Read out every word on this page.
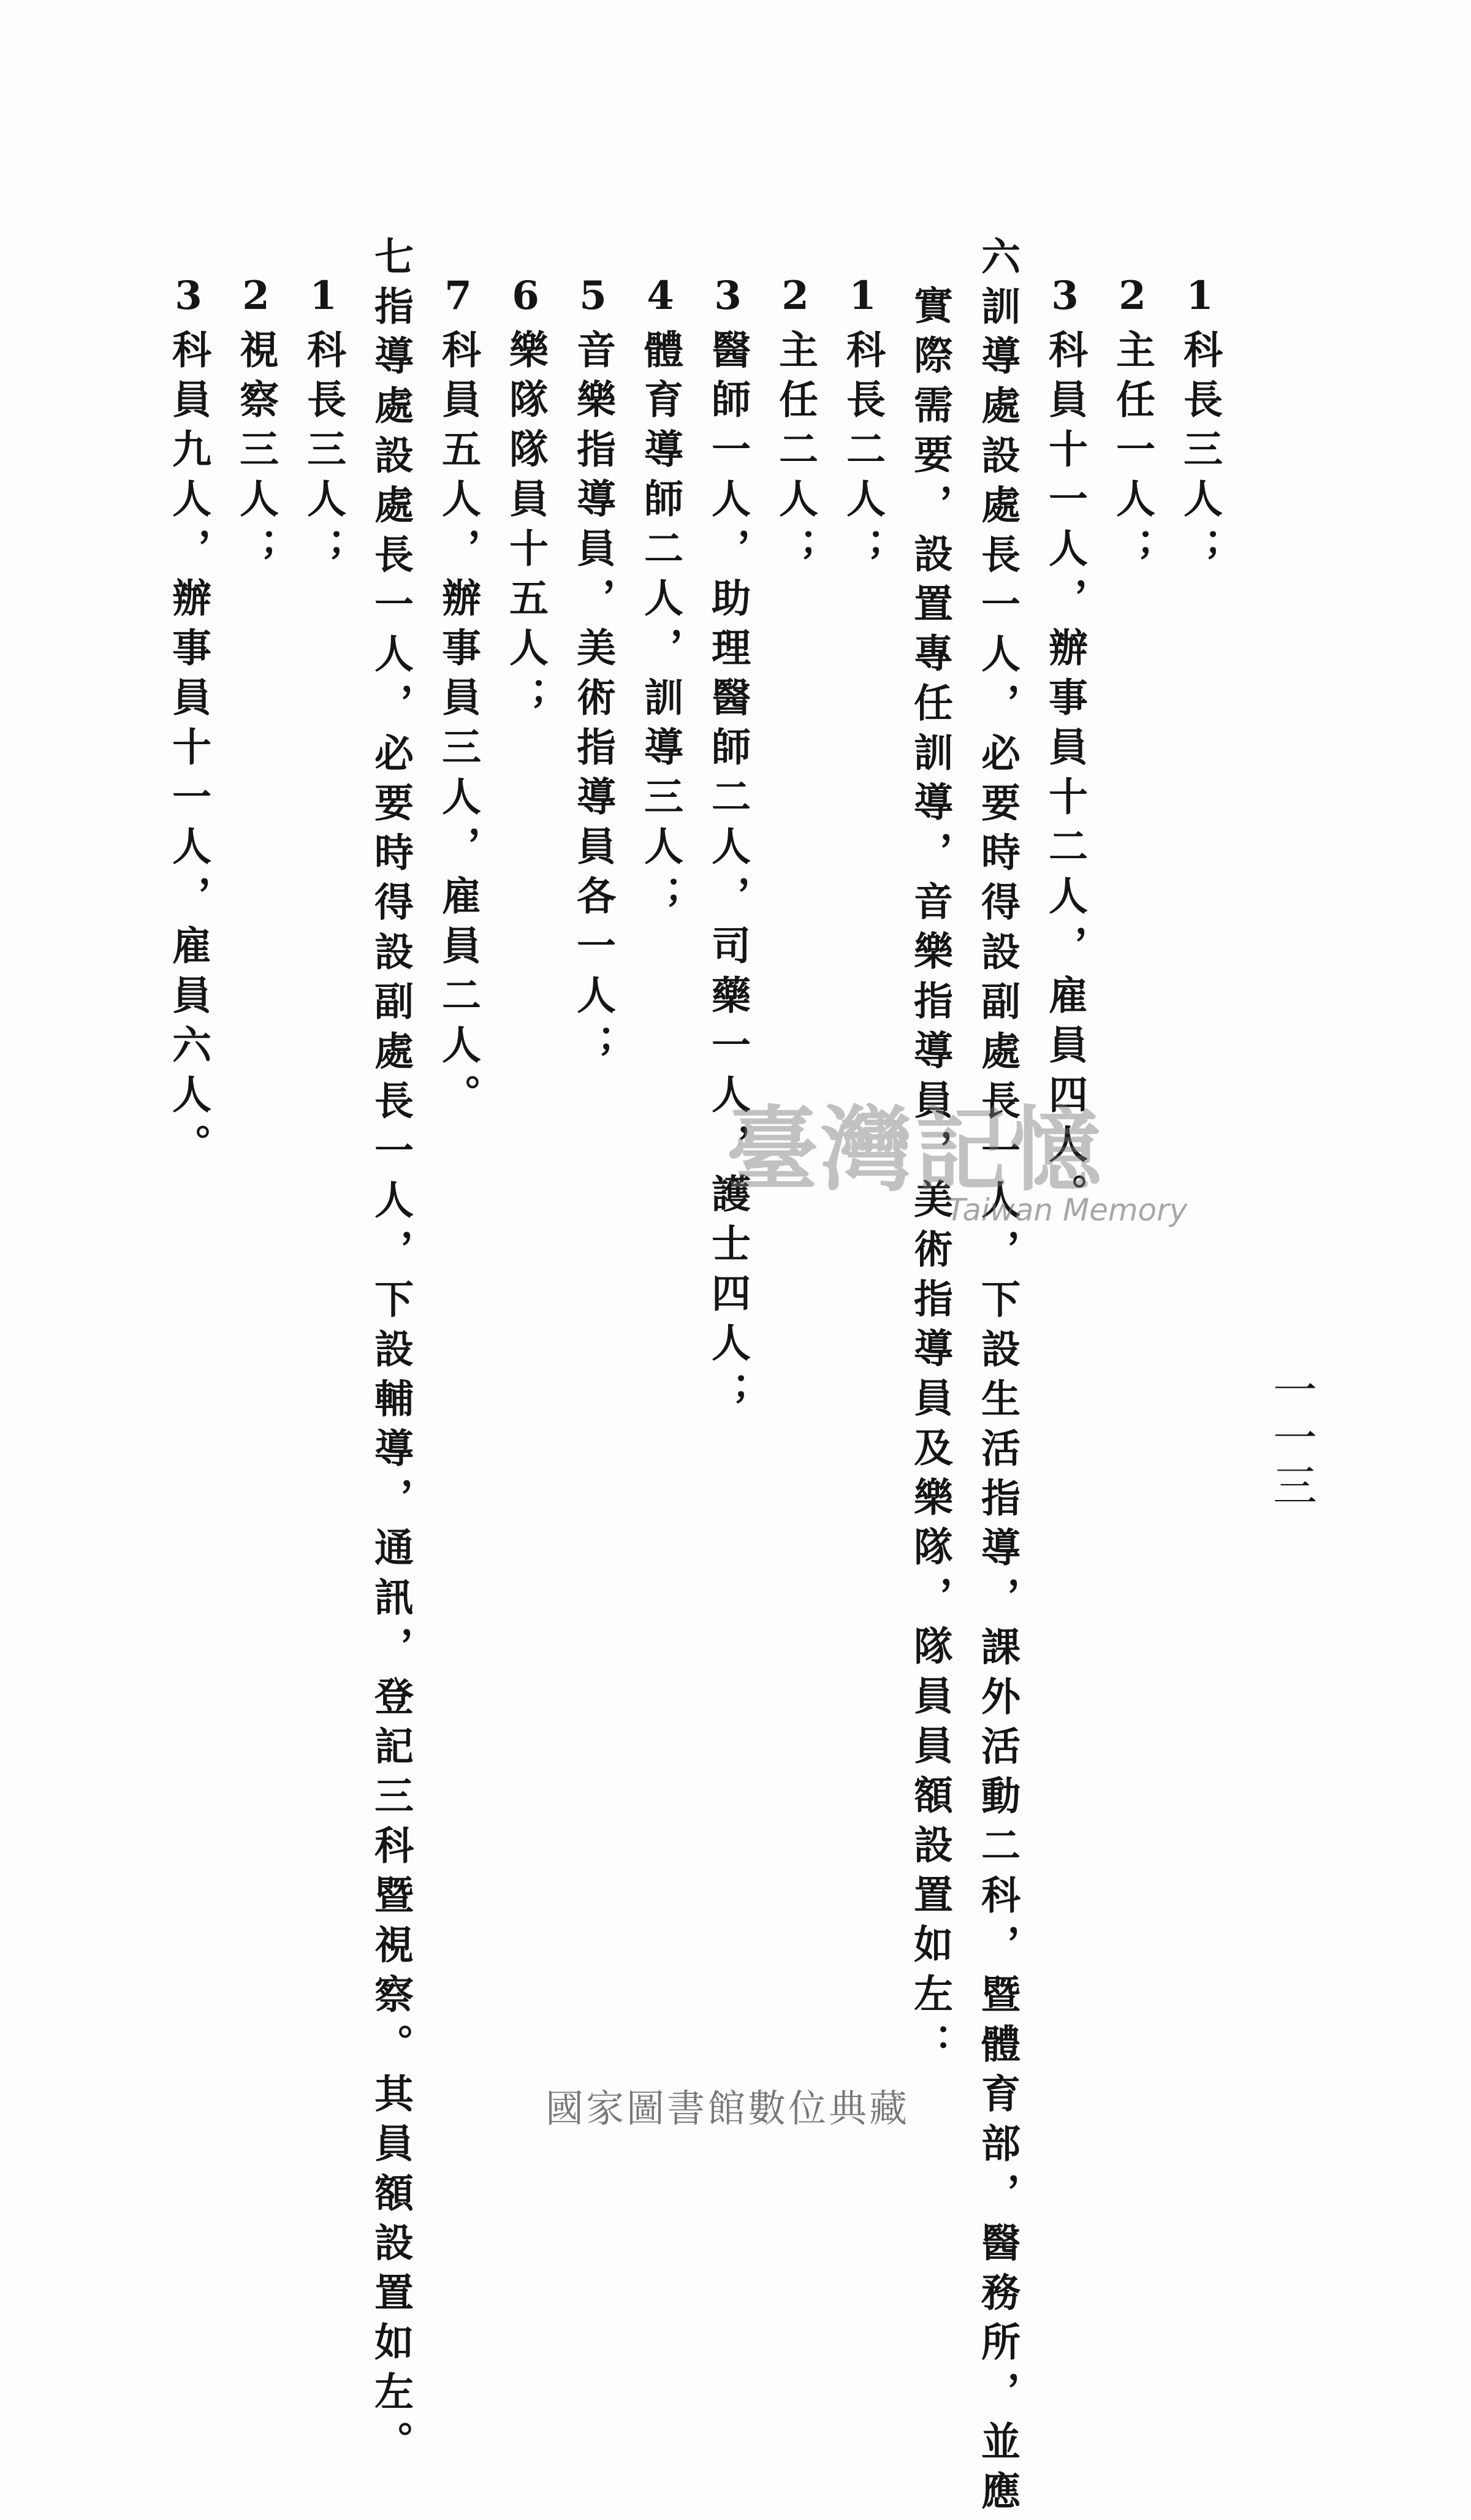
一一三
1科長三人；
2主任一人；
3科員十一人，辦事員十二人，雇員四人。
六訓導處設處長一人，必要時得設副處長一人，下設生活指導，課外活動二科，暨體育部，醫務所，並應
實際需要，設置專任訓導，音樂指導員，美術指導員及樂隊，隊員員額設置如左：
1科長二人；
2主任二人；
3醫師一人，助理醫師二人，司藥一人，護士四人；
4體育導師二人，訓導三人；
5音樂指導員，美術指導員各一人；
6樂隊隊員十五人；
7科員五人，辦事員三人，雇員二人。
七指導處設處長一人，必要時得設副處長一人，下設輔導，通訊，登記三科暨視察。其員額設置如左。
1科長三人；
2視察三人；
3科員九人，辦事員十一人，雇員六人。	臺灣記憶
Taiwan Memory
國家圖書館數位典藏
